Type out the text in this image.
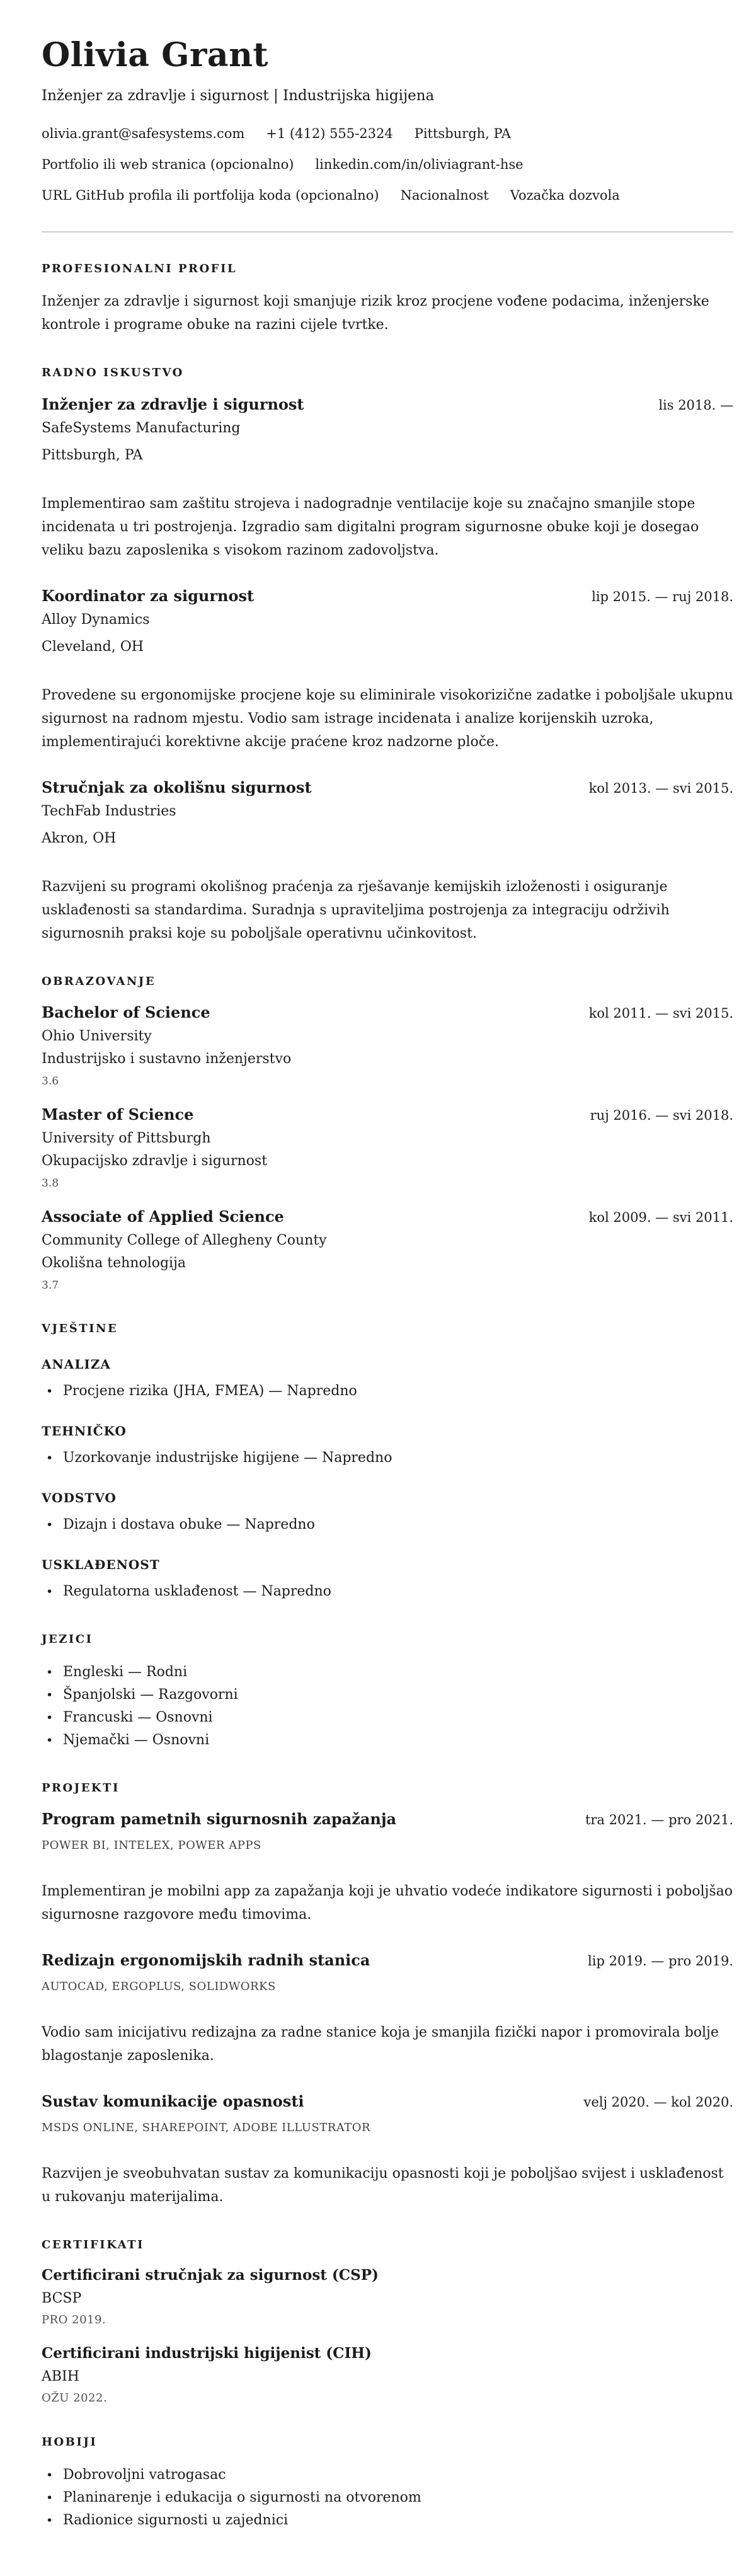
Olivia Grant

Inženjer za zdravlje i sigurnost | Industrijska higijena

olivia.grant@safesystems.com +1 (412) 555-2324 Pittsburgh, PA
Portfolio ili web stranica (opcionalno) linkedin.com/in/oliviagrant-hse
URL GitHub profila ili portfolija koda (opcionalno) Nacionalnost Vozačka dozvola
PROFESIONALNI PROFIL

Inženjer za zdravlje i sigurnost koji smanjuje rizik kroz procjene vođene podacima, inženjerske kontrole i programe obuke na razini cijele tvrtke.

RADNO ISKUSTVO
Inženjer za zdravlje i sigurnost	lis 2018. —

SafeSystems Manufacturing

Pittsburgh, PA

Implementirao sam zaštitu strojeva i nadogradnje ventilacije koje su značajno smanjile stope incidenata u tri postrojenja. Izgradio sam digitalni program sigurnosne obuke koji je dosegao veliku bazu zaposlenika s visokom razinom zadovoljstva.

Koordinator za sigurnost	lip 2015. — ruj 2018.

Alloy Dynamics

Cleveland, OH

Provedene su ergonomijske procjene koje su eliminirale visokorizične zadatke i poboljšale ukupnu sigurnost na radnom mjestu. Vodio sam istrage incidenata i analize korijenskih uzroka, implementirajući korektivne akcije praćene kroz nadzorne ploče.

Stručnjak za okolišnu sigurnost	kol 2013. — svi 2015.

TechFab Industries

Akron, OH

Razvijeni su programi okolišnog praćenja za rješavanje kemijskih izloženosti i osiguranje usklađenosti sa standardima. Suradnja s upraviteljima postrojenja za integraciju održivih sigurnosnih praksi koje su poboljšale operativnu učinkovitost.

OBRAZOVANJE
Bachelor of Science	kol 2011. — svi 2015.

Ohio University

Industrijsko i sustavno inženjerstvo

3.6

Master of Science	ruj 2016. — svi 2018.

University of Pittsburgh

Okupacijsko zdravlje i sigurnost

3.8

Associate of Applied Science	kol 2009. — svi 2011.

Community College of Allegheny County

Okolišna tehnologija

3.7

VJEŠTINE
ANALIZA
• Procjene rizika (JHA, FMEA) — Napredno
TEHNIČKO
• Uzorkovanje industrijske higijene — Napredno
VODSTVO
• Dizajn i dostava obuke — Napredno
USKLAĐENOST
• Regulatorna usklađenost — Napredno
JEZICI
• Engleski — Rodni
• Španjolski — Razgovorni
• Francuski — Osnovni
• Njemački — Osnovni
PROJEKTI
Program pametnih sigurnosnih zapažanja	tra 2021. — pro 2021.

POWER BI, INTELEX, POWER APPS

Implementiran je mobilni app za zapažanja koji je uhvatio vodeće indikatore sigurnosti i poboljšao sigurnosne razgovore među timovima.

Redizajn ergonomijskih radnih stanica	lip 2019. — pro 2019.

AUTOCAD, ERGOPLUS, SOLIDWORKS

Vodio sam inicijativu redizajna za radne stanice koja je smanjila fizički napor i promovirala bolje blagostanje zaposlenika.

Sustav komunikacije opasnosti	velj 2020. — kol 2020.

MSDS ONLINE, SHAREPOINT, ADOBE ILLUSTRATOR

Razvijen je sveobuhvatan sustav za komunikaciju opasnosti koji je poboljšao svijest i usklađenost u rukovanju materijalima.

CERTIFIKATI
Certificirani stručnjak za sigurnost (CSP)

BCSP

PRO 2019.

Certificirani industrijski higijenist (CIH)

ABIH

OŽU 2022.

HOBIJI
• Dobrovoljni vatrogasac
• Planinarenje i edukacija o sigurnosti na otvorenom
• Radionice sigurnosti u zajednici
